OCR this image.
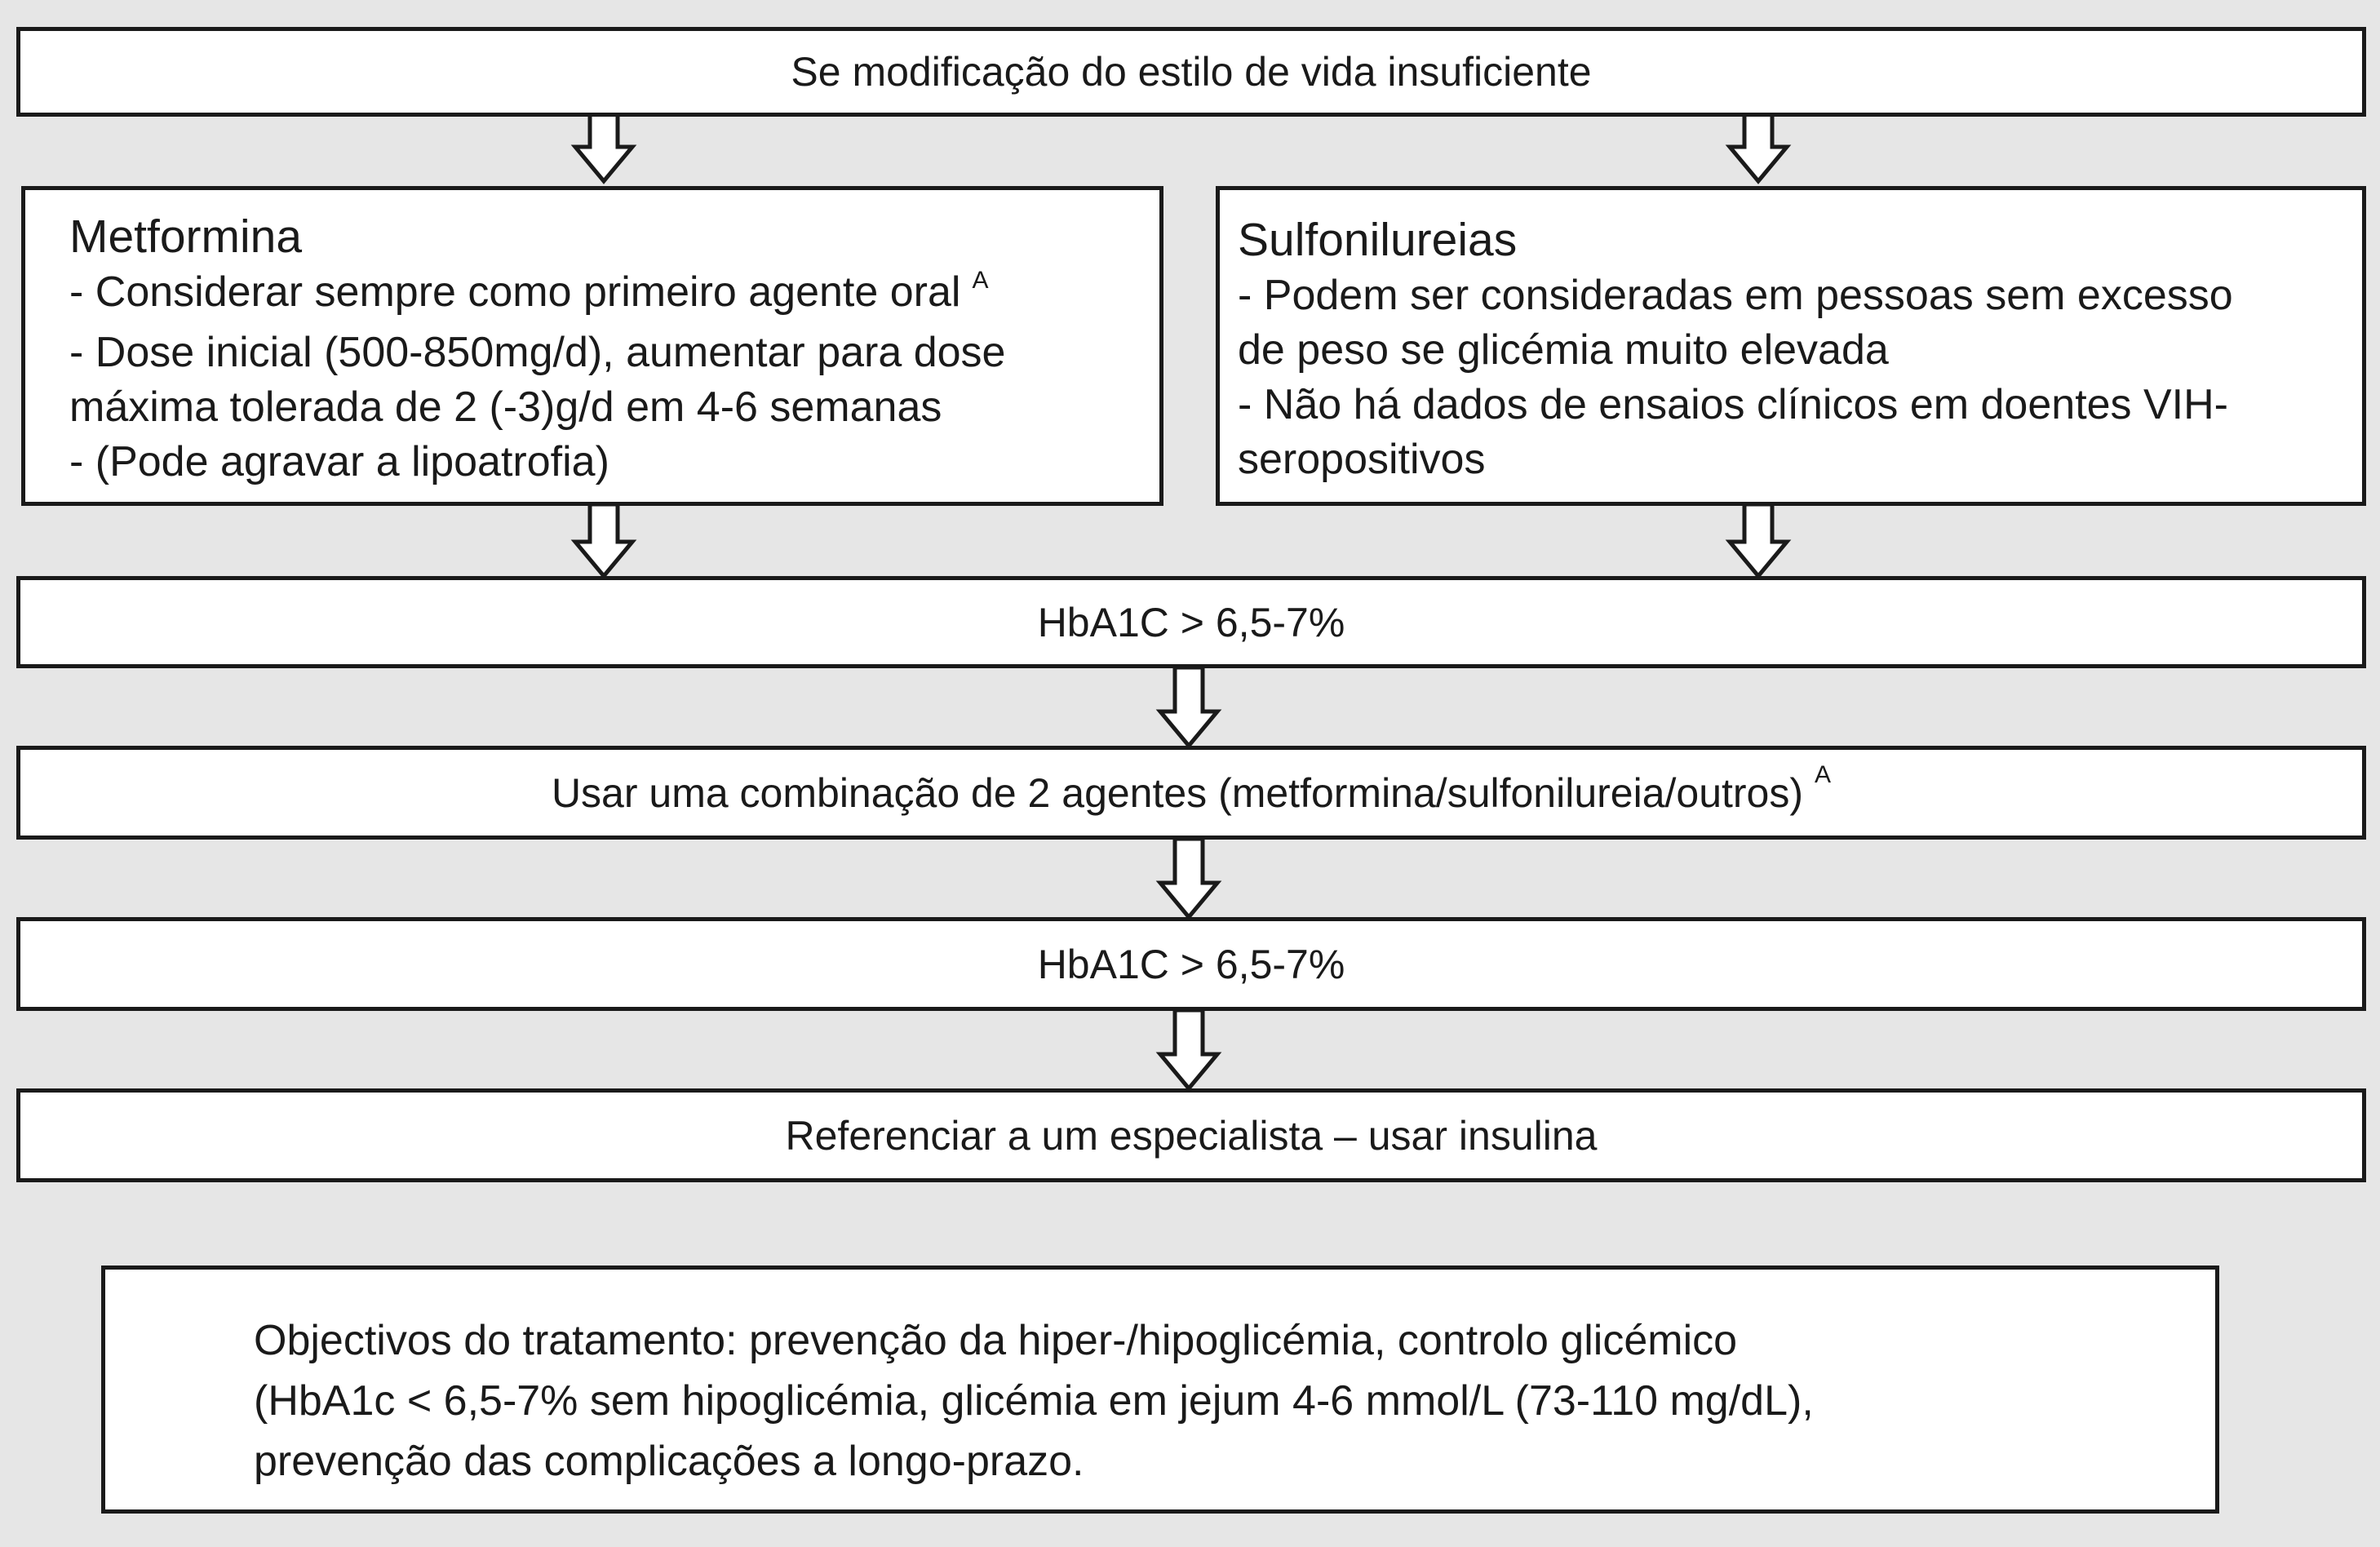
Se modificação do estilo de vida insuficiente

Metformina

- Considerar sempre como primeiro agente oral $^A$

- Dose inicial (500-850mg/d), aumentar para dose

máxima tolerada de 2 (-3)g/d em 4-6 semanas

- (Pode agravar a lipoatrofia)

Sulfonilureias

- Podem ser consideradas em pessoas sem excesso

de peso se glicémia muito elevada

- Não há dados de ensaios clínicos em doentes VIH-

seropositivos

HbA1C > 6,5-7%
Usar uma combinação de 2 agentes (metformina/sulfonilureia/outros) A
HbA1C > 6,5-7%
Referenciar a um especialista – usar insulina

Objectivos do tratamento: prevenção da hiper-/hipoglicémia, controlo glicémico

(HbA1c < 6,5-7% sem hipoglicémia, glicémia em jejum 4-6 mmol/L (73-110 mg/dL),

prevenção das complicações a longo-prazo.
